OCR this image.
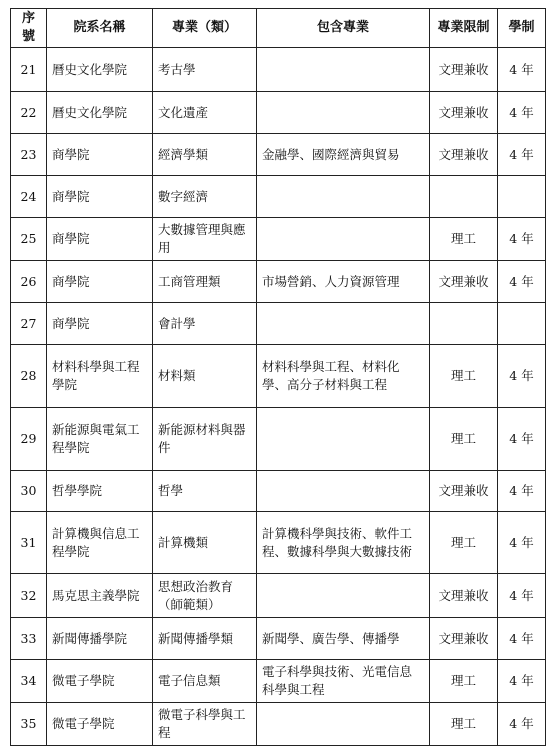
序號	院系名稱	專業（類）	包含專業	專業限制	學制
21	曆史文化學院	考古學		文理兼收	4 年
22	曆史文化學院	文化遺產		文理兼收	4 年
23	商學院	經濟學類	金融學、國際經濟與貿易	文理兼收	4 年
24	商學院	數字經濟			
25	商學院	大數據管理與應用		理工	4 年
26	商學院	工商管理類	市場營銷、人力資源管理	文理兼收	4 年
27	商學院	會計學			
28	材料科學與工程學院	材料類	材料科學與工程、材料化學、高分子材料與工程	理工	4 年
29	新能源與電氣工程學院	新能源材料與器件		理工	4 年
30	哲學學院	哲學		文理兼收	4 年
31	計算機與信息工程學院	計算機類	計算機科學與技術、軟件工程、數據科學與大數據技術	理工	4 年
32	馬克思主義學院	思想政治教育（師範類）		文理兼收	4 年
33	新聞傳播學院	新聞傳播學類	新聞學、廣告學、傳播學	文理兼收	4 年
34	微電子學院	電子信息類	電子科學與技術、光電信息科學與工程	理工	4 年
35	微電子學院	微電子科學與工程		理工	4 年
